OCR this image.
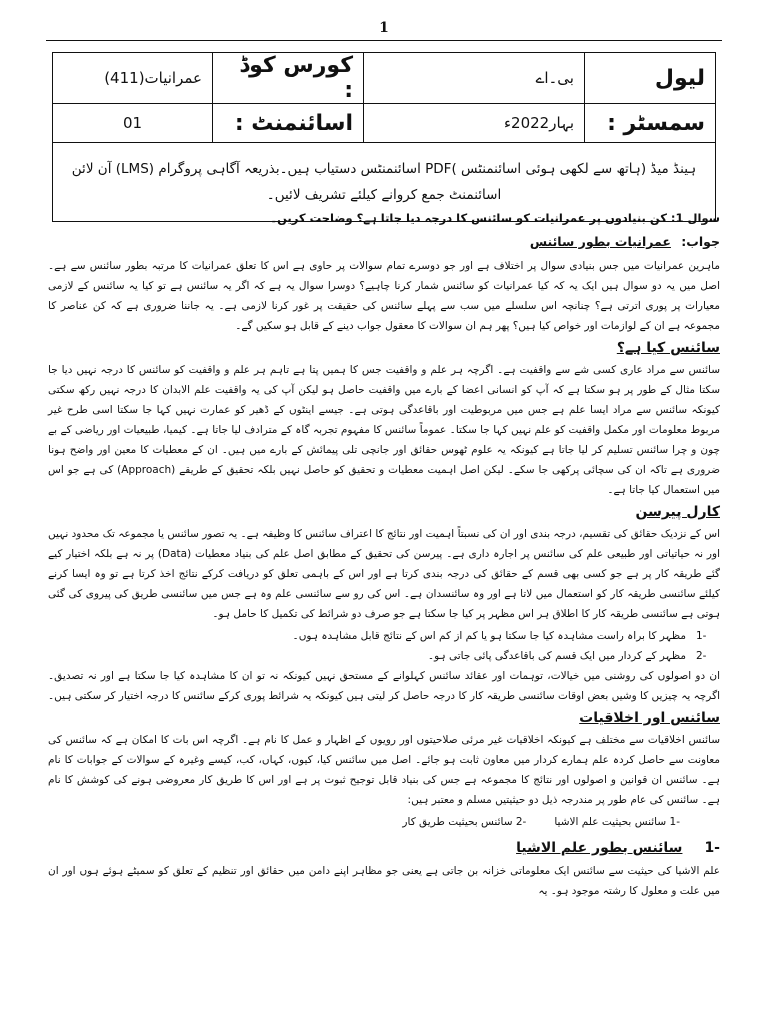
1
لیول	بی۔اے	کورس کوڈ :	عمرانیات(411)
سمسٹر :	بہار2022ء	اسائنمنٹ :	01
ہینڈ میڈ (ہاتھ سے لکھی ہوئی اسائنمنٹس )PDF اسائنمنٹس دستیاب ہیں۔بذریعہ آگاہی پروگرام (LMS) آن لائن اسائنمنٹ جمع کروانے کیلئے تشریف لائیں۔			

سوال 1: کن بنیادوں پر عمرانیات کو سائنس کا درجہ دیا جاتا ہے؟ وضاحت کریں۔

جواب: عمرانیات بطور سائنس

ماہرین عمرانیات میں جس بنیادی سوال پر اختلاف ہے اور جو دوسرے تمام سوالات پر حاوی ہے اس کا تعلق عمرانیات کا مرتبہ بطور سائنس سے ہے۔ اصل میں یہ دو سوال ہیں ایک یہ کہ کیا عمرانیات کو سائنس شمار کرنا چاہیے؟ دوسرا سوال یہ ہے کہ اگر یہ سائنس ہے تو کیا یہ سائنس کے لازمی معیارات پر پوری اترتی ہے؟ چنانچہ اس سلسلے میں سب سے پہلے سائنس کی حقیقت پر غور کرنا لازمی ہے۔ یہ جاننا ضروری ہے کہ کن عناصر کا مجموعہ ہے ان کے لوازمات اور خواص کیا ہیں؟ پھر ہم ان سوالات کا معقول جواب دینے کے قابل ہو سکیں گے۔

سائنس کیا ہے؟

سائنس سے مراد عاری کسی شے سے واقفیت ہے۔ اگرچہ ہر علم و واقفیت جس کا ہمیں پتا ہے تاہم ہر علم و واقفیت کو سائنس کا درجہ نہیں دیا جا سکتا مثال کے طور پر ہو سکتا ہے کہ آپ کو انسانی اعضا کے بارے میں واقفیت حاصل ہو لیکن آپ کی یہ واقفیت علم الابدان کا درجہ نہیں رکھ سکتی کیونکہ سائنس سے مراد ایسا علم ہے جس میں مربوطیت اور باقاعدگی ہوتی ہے۔ جیسے اینٹوں کے ڈھیر کو عمارت نہیں کہا جا سکتا اسی طرح غیر مربوط معلومات اور مکمل واقفیت کو علم نہیں کہا جا سکتا۔ عموماً سائنس کا مفہوم تجربہ گاہ کے مترادف لیا جاتا ہے۔ کیمیا، طبیعیات اور ریاضی کے بے چون و چرا سائنس تسلیم کر لیا جاتا ہے کیونکہ یہ علوم ٹھوس حقائق اور جانچی تلی پیمائش کے بارے میں ہیں۔ ان کے معطیات کا معین اور واضح ہونا ضروری ہے تاکہ ان کی سچائی پرکھی جا سکے۔ لیکن اصل اہمیت معطیات و تحقیق کو حاصل نہیں بلکہ تحقیق کے طریقے (Approach) کی ہے جو اس میں استعمال کیا جاتا ہے۔

کارل پیرسن

اس کے نزدیک حقائق کی تقسیم، درجہ بندی اور ان کی نسبتاً اہمیت اور نتائج کا اعتراف سائنس کا وظیفہ ہے۔ یہ تصور سائنس یا مجموعہ تک محدود نہیں اور نہ حیاتیاتی اور طبیعی علم کی سائنس پر اجارہ داری ہے۔ پیرسن کی تحقیق کے مطابق اصل علم کی بنیاد معطیات (Data) پر نہ ہے بلکہ اختیار کیے گئے طریقہ کار پر ہے جو کسی بھی قسم کے حقائق کی درجہ بندی کرتا ہے اور اس کے باہمی تعلق کو دریافت کرکے نتائج اخذ کرتا ہے تو وہ ایسا کرنے کیلئے سائنسی طریقہ کار کو استعمال میں لاتا ہے اور وہ سائنسدان ہے۔ اس کی رو سے سائنسی علم وہ ہے جس میں سائنسی طریق کی پیروی کی گئی ہوتی ہے سائنسی طریقہ کار کا اطلاق ہر اس مظہر پر کیا جا سکتا ہے جو صرف دو شرائط کی تکمیل کا حامل ہو۔

1-
مظہر کا براہ راست مشاہدہ کیا جا سکتا ہو یا کم از کم اس کے نتائج قابل مشاہدہ ہوں۔
2-
مظہر کے کردار میں ایک قسم کی باقاعدگی پائی جاتی ہو۔

ان دو اصولوں کی روشنی میں خیالات، توہمات اور عقائد سائنس کہلوانے کے مستحق نہیں کیونکہ نہ تو ان کا مشاہدہ کیا جا سکتا ہے اور نہ تصدیق۔ اگرچہ یہ چیزیں کا وشیں بعض اوقات سائنسی طریقہ کار کا درجہ حاصل کر لیتی ہیں کیونکہ یہ شرائط پوری کرکے سائنس کا درجہ اختیار کر سکتی ہیں۔

سائنس اور اخلاقیات

سائنس اخلاقیات سے مختلف ہے کیونکہ اخلاقیات غیر مرئی صلاحیتوں اور رویوں کے اظہار و عمل کا نام ہے۔ اگرچہ اس بات کا امکان ہے کہ سائنس کی معاونت سے حاصل کردہ علم ہمارے کردار میں معاون ثابت ہو جائے۔ اصل میں سائنس کیا، کیوں، کہاں، کب، کیسے وغیرہ کے سوالات کے جوابات کا نام ہے۔ سائنس ان قوانین و اصولوں اور نتائج کا مجموعہ ہے جس کی بنیاد قابل توجیح ثبوت پر ہے اور اس کا طریق کار معروضی ہونے کی کوشش کا نام ہے۔ سائنس کی عام طور پر مندرجہ ذیل دو حیثیتیں مسلم و معتبر ہیں:

1- سائنس بحیثیت علم الاشیا
2- سائنس بحیثیت طریق کار
1-
سائنس بطور علم الاشیا

علم الاشیا کی حیثیت سے سائنس ایک معلوماتی خزانہ بن جاتی ہے یعنی جو مظاہر اپنے دامن میں حقائق اور تنظیم کے تعلق کو سمیٹے ہوئے ہوں اور ان میں علت و معلول کا رشتہ موجود ہو۔ یہ
